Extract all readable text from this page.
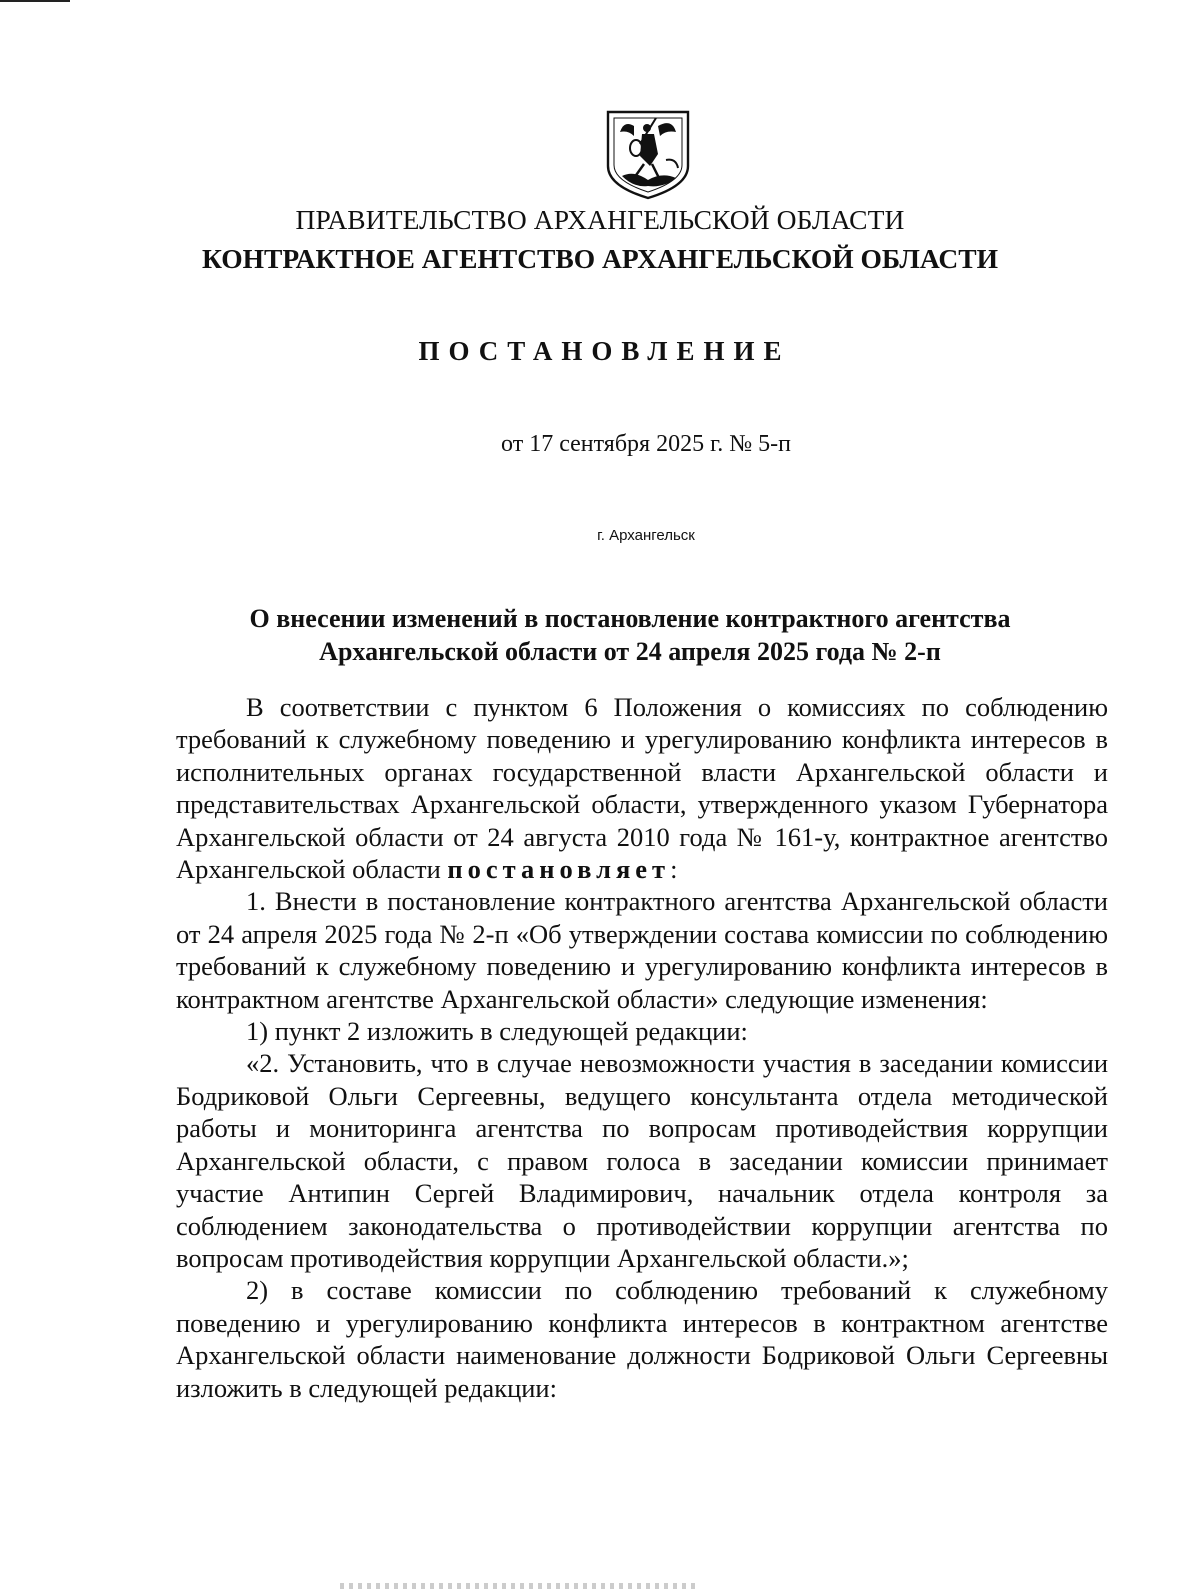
ПРАВИТЕЛЬСТВО АРХАНГЕЛЬСКОЙ ОБЛАСТИ
КОНТРАКТНОЕ АГЕНТСТВО АРХАНГЕЛЬСКОЙ ОБЛАСТИ
ПОСТАНОВЛЕНИЕ
от 17 сентября 2025 г. № 5-п
г. Архангельск
О внесении изменений в постановление контрактного агентства Архангельской области от 24 апреля 2025 года № 2-п

В соответствии с пунктом 6 Положения о комиссиях по соблюдению требований к служебному поведению и урегулированию конфликта интересов в исполнительных органах государственной власти Архангельской области и представительствах Архангельской области, утвержденного указом Губернатора Архангельской области от 24 августа 2010 года № 161-у, контрактное агентство Архангельской области постановляет:

1. Внести в постановление контрактного агентства Архангельской области от 24 апреля 2025 года № 2-п «Об утверждении состава комиссии по соблюдению требований к служебному поведению и урегулированию конфликта интересов в контрактном агентстве Архангельской области» следующие изменения:

1) пункт 2 изложить в следующей редакции:

«2. Установить, что в случае невозможности участия в заседании комиссии Бодриковой Ольги Сергеевны, ведущего консультанта отдела методической работы и мониторинга агентства по вопросам противодействия коррупции Архангельской области, с правом голоса в заседании комиссии принимает участие Антипин Сергей Владимирович, начальник отдела контроля за соблюдением законодательства о противодействии коррупции агентства по вопросам противодействия коррупции Архангельской области.»;

2) в составе комиссии по соблюдению требований к служебному поведению и урегулированию конфликта интересов в контрактном агентстве Архангельской области наименование должности Бодриковой Ольги Сергеевны изложить в следующей редакции:
